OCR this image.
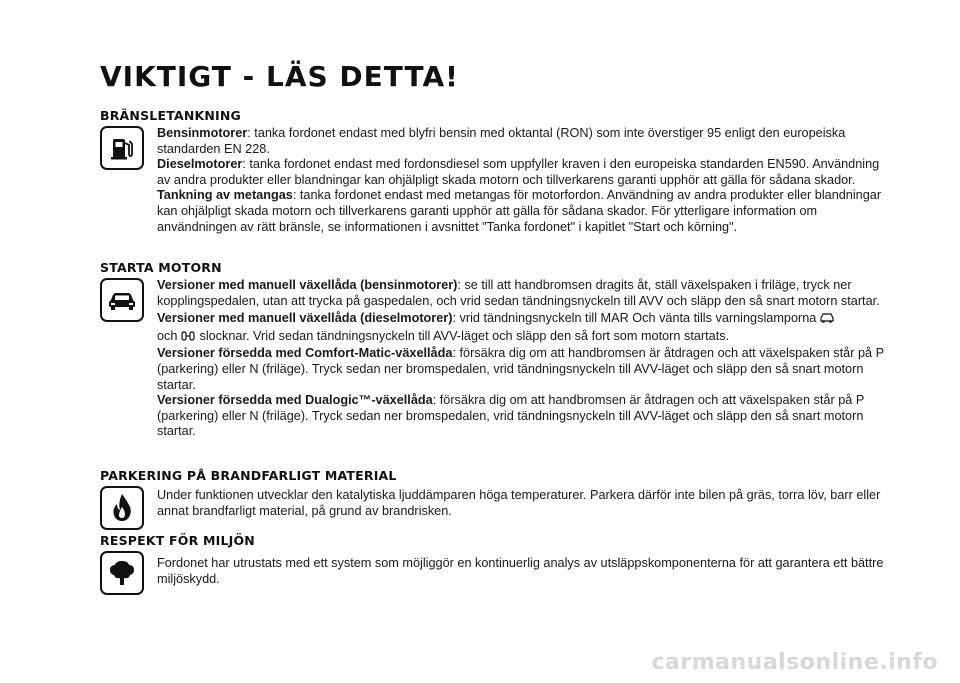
VIKTIGT - LÄS DETTA!
BRÄNSLETANKNING

Bensinmotorer: tanka fordonet endast med blyfri bensin med oktantal (RON) som inte överstiger 95 enligt den europeiska standarden EN 228.

Dieselmotorer: tanka fordonet endast med fordonsdiesel som uppfyller kraven i den europeiska standarden EN590. Användning av andra produkter eller blandningar kan ohjälpligt skada motorn och tillverkarens garanti upphör att gälla för sådana skador.

Tankning av metangas: tanka fordonet endast med metangas för motorfordon. Användning av andra produkter eller blandningar kan ohjälpligt skada motorn och tillverkarens garanti upphör att gälla för sådana skador. För ytterligare information om användningen av rätt bränsle, se informationen i avsnittet "Tanka fordonet" i kapitlet "Start och körning".

STARTA MOTORN

Versioner med manuell växellåda (bensinmotorer): se till att handbromsen dragits åt, ställ växelspaken i friläge, tryck ner kopplingspedalen, utan att trycka på gaspedalen, och vrid sedan tändningsnyckeln till AVV och släpp den så snart motorn startar.

Versioner med manuell växellåda (dieselmotorer): vrid tändningsnyckeln till MAR Och vänta tills varningslamporna
och slocknar. Vrid sedan tändningsnyckeln till AVV-läget och släpp den så fort som motorn startats.

Versioner försedda med Comfort-Matic-växellåda: försäkra dig om att handbromsen är åtdragen och att växelspaken står på P (parkering) eller N (friläge). Tryck sedan ner bromspedalen, vrid tändningsnyckeln till AVV-läget och släpp den så snart motorn startar.

Versioner försedda med Dualogic™-växellåda: försäkra dig om att handbromsen är åtdragen och att växelspaken står på P (parkering) eller N (friläge). Tryck sedan ner bromspedalen, vrid tändningsnyckeln till AVV-läget och släpp den så snart motorn startar.

PARKERING PÅ BRANDFARLIGT MATERIAL

Under funktionen utvecklar den katalytiska ljuddämparen höga temperaturer. Parkera därför inte bilen på gräs, torra löv, barr eller annat brandfarligt material, på grund av brandrisken.

RESPEKT FÖR MILJÖN

Fordonet har utrustats med ett system som möjliggör en kontinuerlig analys av utsläppskomponenterna för att garantera ett bättre miljöskydd.

carmanualsonline.info
